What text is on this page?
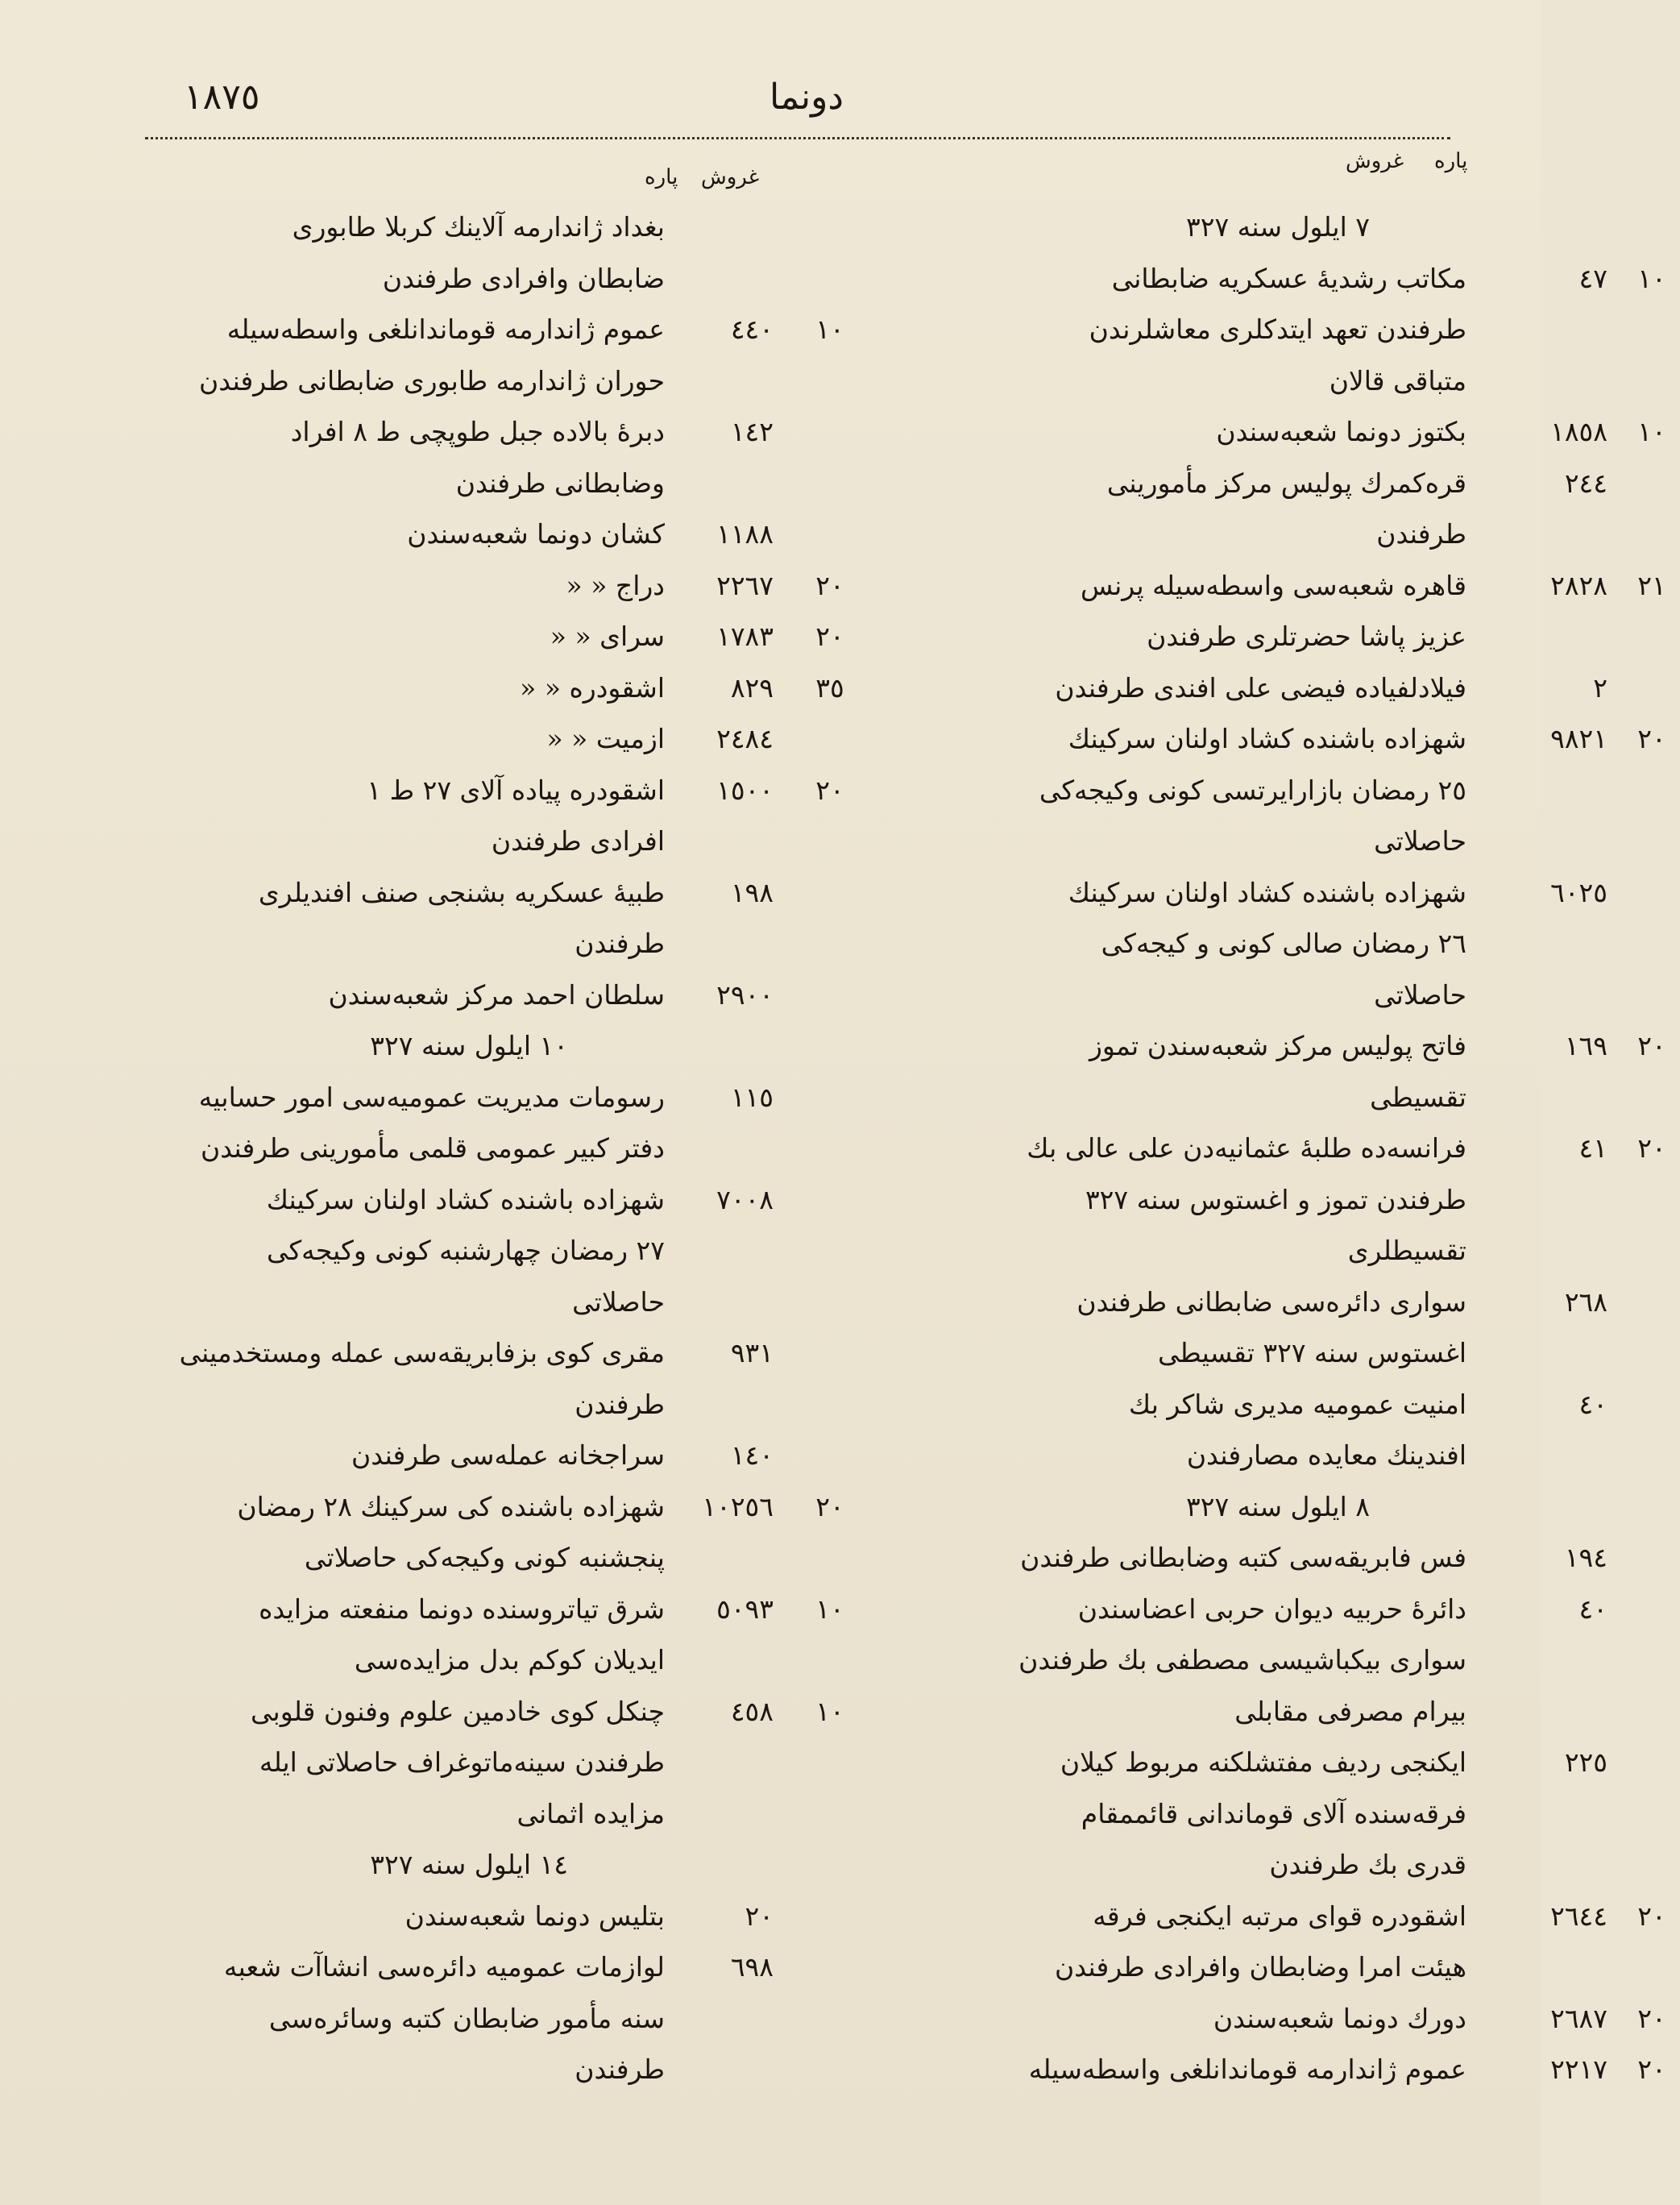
١٨٧٥	دونما
پاره غروش
پاره
غروش
بغداد ژاندارمه آلاینك كربلا طابوری
ضابطان وافرادی طرفندن
١٠
٤٤٠
عموم ژاندارمه قوماندانلغی واسطه‌سیله
حوران ژاندارمه طابوری ضابطانی طرفندن
١٤٢
دبرهٔ بالاده جبل طوپچی ط ٨ افراد
وضابطانی طرفندن
١١٨٨
كشان دونما شعبه‌سندن
٢٠
٢٢٦٧
دراج « «
٢٠
١٧٨٣
سرای « «
٣٥
٨٢٩
اشقودره « «
٢٤٨٤
ازمیت « «
٢٠
١٥٠٠
اشقودره پیاده آلای ٢٧ ط ١
افرادی طرفندن
١٩٨
طبیهٔ عسكریه بشنجی صنف افندیلری
طرفندن
٢٩٠٠
سلطان احمد مركز شعبه‌سندن
١٠ ایلول سنه ٣٢٧
١١٥
رسومات مدیریت عمومیه‌سی امور حسابیه
دفتر كبیر عمومی قلمی مأمورینی طرفندن
٧٠٠٨
شهزاده باشنده كشاد اولنان سركینك
٢٧ رمضان چهارشنبه كونی وكیجه‌كی
حاصلاتی
٩٣١
مقری كوی بزفابریقه‌سی عمله ومستخدمینی
طرفندن
١٤٠
سراجخانه عمله‌سی طرفندن
٢٠
١٠٢٥٦
شهزاده باشنده كی سركینك ٢٨ رمضان
پنجشنبه كونی وكیجه‌كی حاصلاتی
١٠
٥٠٩٣
شرق تیاتروسنده دونما منفعته مزایده
ایدیلان كوكم بدل مزایده‌سی
١٠
٤٥٨
چنكل كوی خادمین علوم وفنون قلوبی
طرفندن سینه‌ماتوغراف حاصلاتی ایله
مزایده اثمانی
١٤ ایلول سنه ٣٢٧
٢٠
بتلیس دونما شعبه‌سندن
٦٩٨
لوازمات عمومیه دائره‌سی انشاآت شعبه‌
سنه مأمور ضابطان كتبه وسائره‌سی
طرفندن
٧ ایلول سنه ٣٢٧
١٠
٤٧
مكاتب رشدیهٔ عسكریه ضابطانی
طرفندن تعهد ایتدكلری معاشلرندن
متباقی قالان
١٠
١٨٥٨
بكتوز دونما شعبه‌سندن
٢٤٤
قره‌كمرك پولیس مركز مأمورینی
طرفندن
٢١
٢٨٢٨
قاهره شعبه‌سی واسطه‌سیله پرنس
عزیز پاشا حضرتلری طرفندن
٢
فیلادلفیاده فیضی علی افندی طرفندن
٢٠
٩٨٢١
شهزاده باشنده كشاد اولنان سركینك
٢٥ رمضان بازارایرتسی كونی وكیجه‌كی
حاصلاتی
٦٠٢٥
شهزاده باشنده كشاد اولنان سركینك
٢٦ رمضان صالی كونی و كیجه‌كی
حاصلاتی
٢٠
١٦٩
فاتح پولیس مركز شعبه‌سندن تموز
تقسیطی
٢٠
٤١
فرانسه‌ده طلبهٔ عثمانیه‌دن علی عالی بك
طرفندن تموز و اغستوس سنه ٣٢٧
تقسیطلری
٢٦٨
سواری دائره‌سی ضابطانی طرفندن
اغستوس سنه ٣٢٧ تقسیطی
٤٠
امنیت عمومیه مدیری شاكر بك
افندینك معایده مصارفندن
٨ ایلول سنه ٣٢٧
١٩٤
فس فابریقه‌سی كتبه وضابطانی طرفندن
٤٠
دائرهٔ حربیه دیوان حربی اعضاسندن
سواری بیكباشیسی مصطفی بك طرفندن
بیرام مصرفی مقابلی
٢٢٥
ایكنجی ردیف مفتشلكنه مربوط كیلان
فرقه‌سنده آلای قوماندانی قائممقام
قدری بك طرفندن
٢٠
٢٦٤٤
اشقودره قوای مرتبه ایكنجی فرقه
هیئت امرا وضابطان وافرادی طرفندن
٢٠
٢٦٨٧
دورك دونما شعبه‌سندن
٢٠
٢٢١٧
عموم ژاندارمه قوماندانلغی واسطه‌سیله
